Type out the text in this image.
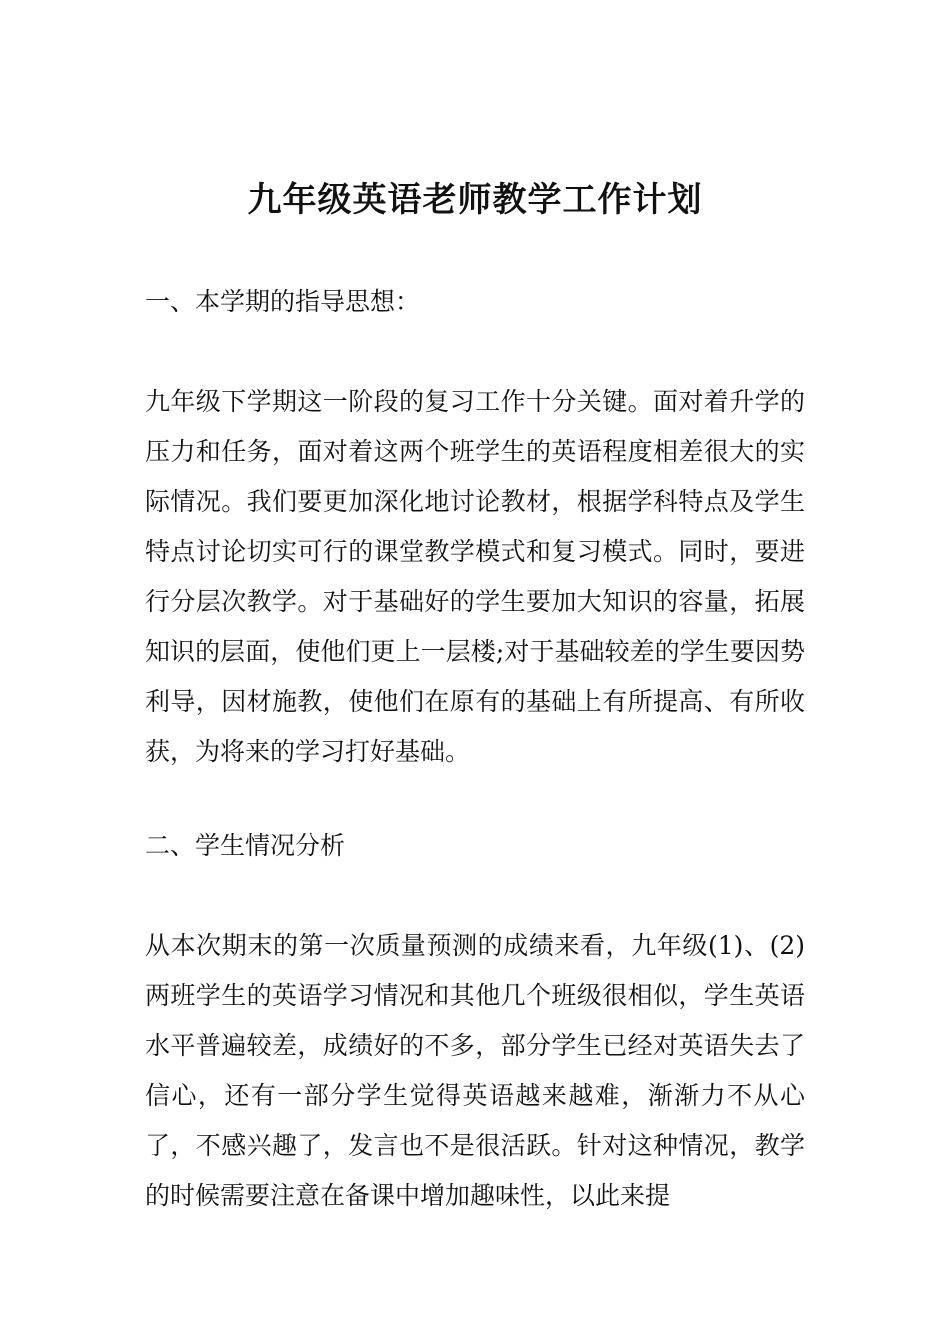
九年级英语老师教学工作计划
一、本学期的指导思想：

九年级下学期这一阶段的复习工作十分关键。面对着升学的压力和任务，面对着这两个班学生的英语程度相差很大的实际情况。我们要更加深化地讨论教材，根据学科特点及学生特点讨论切实可行的课堂教学模式和复习模式。同时，要进行分层次教学。对于基础好的学生要加大知识的容量，拓展知识的层面，使他们更上一层楼;对于基础较差的学生要因势利导，因材施教，使他们在原有的基础上有所提高、有所收获，为将来的学习打好基础。

二、学生情况分析

从本次期末的第一次质量预测的成绩来看，九年级(1)、(2)两班学生的英语学习情况和其他几个班级很相似，学生英语水平普遍较差，成绩好的不多，部分学生已经对英语失去了信心，还有一部分学生觉得英语越来越难，渐渐力不从心了，不感兴趣了，发言也不是很活跃。针对这种情况，教学的时候需要注意在备课中增加趣味性，以此来提
